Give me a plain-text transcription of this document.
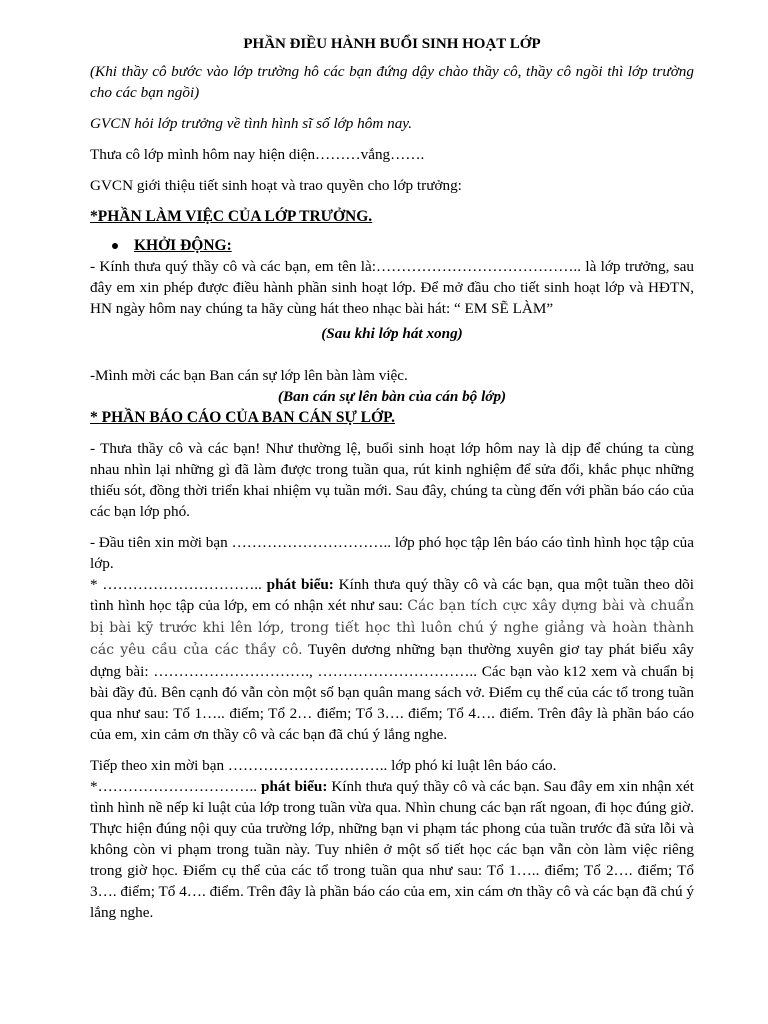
PHẦN ĐIỀU HÀNH BUỔI SINH HOẠT LỚP

(Khi thầy cô bước vào lớp trường hô các bạn đứng dậy chào thầy cô, thầy cô ngồi thì lớp trường cho các bạn ngồi)

GVCN hỏi lớp trưởng về tình hình sĩ số lớp hôm nay.

Thưa cô lớp mình hôm nay hiện diện………vắng…….

GVCN giới thiệu tiết sinh hoạt và trao quyền cho lớp trưởng:

*PHẦN LÀM VIỆC CỦA LỚP TRƯỞNG.

KHỞI ĐỘNG:

- Kính thưa quý thầy cô và các bạn, em tên là:………………………………….. là lớp trưởng, sau đây em xin phép được điều hành phần sinh hoạt lớp. Để mở đầu cho tiết sinh hoạt lớp và HĐTN, HN ngày hôm nay chúng ta hãy cùng hát theo nhạc bài hát: “ EM SẼ LÀM”

(Sau khi lớp hát xong)

-Mình mời các bạn Ban cán sự lớp lên bàn làm việc.

(Ban cán sự lên bàn của cán bộ lớp)

* PHẦN BÁO CÁO CỦA BAN CÁN SỰ LỚP.

- Thưa thầy cô và các bạn! Như thường lệ, buổi sinh hoạt lớp hôm nay là dịp để chúng ta cùng nhau nhìn lại những gì đã làm được trong tuần qua, rút kinh nghiệm để sửa đổi, khắc phục những thiếu sót, đồng thời triển khai nhiệm vụ tuần mới. Sau đây, chúng ta cùng đến với phần báo cáo của các bạn lớp phó.

- Đầu tiên xin mời bạn ………………………….. lớp phó học tập lên báo cáo tình hình học tập của lớp.

* ………………………….. phát biểu: Kính thưa quý thầy cô và các bạn, qua một tuần theo dõi tình hình học tập của lớp, em có nhận xét như sau: Các bạn tích cực xây dựng bài và chuẩn bị bài kỹ trước khi lên lớp, trong tiết học thì luôn chú ý nghe giảng và hoàn thành các yêu cầu của các thầy cô. Tuyên dương những bạn thường xuyên giơ tay phát biểu xây dựng bài: …………………………., ………………………….. Các bạn vào k12 xem và chuẩn bị bài đầy đủ. Bên cạnh đó vẫn còn một số bạn quân mang sách vở. Điểm cụ thể của các tổ trong tuần qua như sau: Tổ 1….. điểm; Tổ 2… điểm; Tổ 3…. điểm; Tổ 4…. điểm. Trên đây là phần báo cáo của em, xin cảm ơn thầy cô và các bạn đã chú ý lắng nghe.

Tiếp theo xin mời bạn ………………………….. lớp phó kỉ luật lên báo cáo.

*………………………….. phát biểu: Kính thưa quý thầy cô và các bạn. Sau đây em xin nhận xét tình hình nề nếp kỉ luật của lớp trong tuần vừa qua. Nhìn chung các bạn rất ngoan, đi học đúng giờ. Thực hiện đúng nội quy của trường lớp, những bạn vi phạm tác phong của tuần trước đã sửa lỗi và không còn vi phạm trong tuần này. Tuy nhiên ở một số tiết học các bạn vẫn còn làm việc riêng trong giờ học. Điểm cụ thể của các tổ trong tuần qua như sau: Tổ 1….. điểm; Tổ 2…. điểm; Tổ 3…. điểm; Tổ 4…. điểm. Trên đây là phần báo cáo của em, xin cám ơn thầy cô và các bạn đã chú ý lắng nghe.
